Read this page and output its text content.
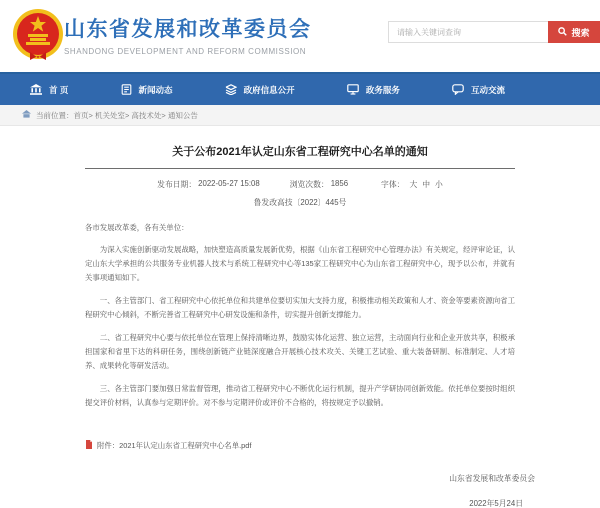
山东省发展和改革委员会
SHANDONG DEVELOPMENT AND REFORM COMMISSION
请输入关键词查询
搜索
首 页	新闻动态	政府信息公开	政务服务	互动交流
当前位置：首页> 机关处室> 高技术处> 通知公告
关于公布2021年认定山东省工程研究中心名单的通知
发布日期： 2022-05-27 15:08	浏览次数： 1856	字体： 大 中 小
鲁发改高技〔2022〕445号
各市发展改革委，各有关单位：

为深入实施创新驱动发展战略，加快塑造高质量发展新优势，根据《山东省工程研究中心管理办法》有关规定，经评审论证，认定山东大学承担的公共服务专业机器人技术与系统工程研究中心等135家工程研究中心为山东省工程研究中心，现予以公布，并就有关事项通知如下。

一、各主管部门、省工程研究中心依托单位和共建单位要切实加大支持力度，积极推动相关政策和人才、资金等要素资源向省工程研究中心倾斜，不断完善省工程研究中心研发设施和条件，切实提升创新支撑能力。

二、省工程研究中心要与依托单位在管理上保持清晰边界，鼓励实体化运营、独立运营，主动面向行业和企业开放共享，积极承担国家和省里下达的科研任务，围绕创新链产业链深度融合开展核心技术攻关、关键工艺试验、重大装备研制、标准制定、人才培养、成果转化等研发活动。

三、各主管部门要加强日常监督管理，推动省工程研究中心不断优化运行机制，提升产学研协同创新效能。依托单位要按时组织提交评价材料，认真参与定期评价。对不参与定期评价或评价不合格的，将按规定予以撤销。

附件：2021年认定山东省工程研究中心名单.pdf
山东省发展和改革委员会
2022年5月24日
